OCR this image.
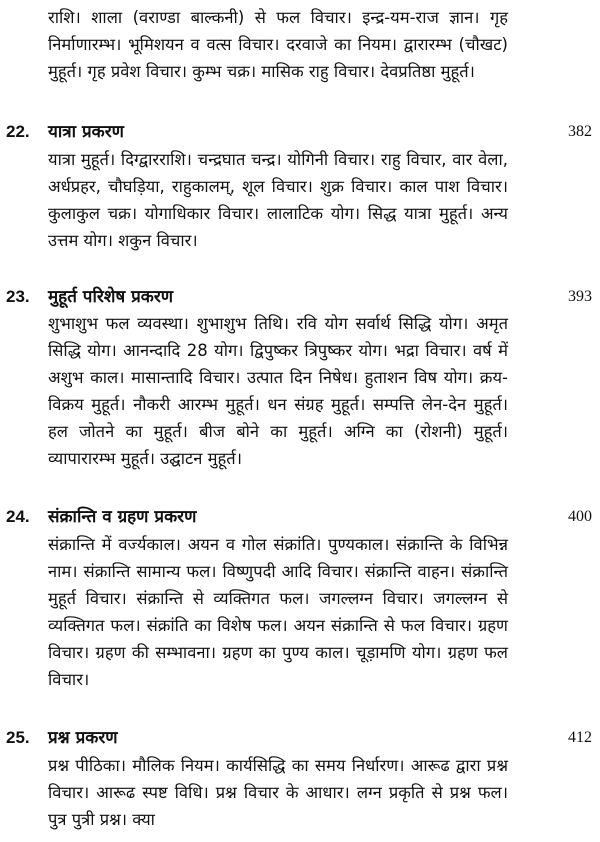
राशि। शाला (वराण्डा बाल्कनी) से फल विचार। इन्द्र-यम-राज ज्ञान। गृह निर्माणारम्भ। भूमिशयन व वत्स विचार। दरवाजे का नियम। द्वारारम्भ (चौखट) मुहूर्त। गृह प्रवेश विचार। कुम्भ चक्र। मासिक राहु विचार। देवप्रतिष्ठा मुहूर्त।

22. यात्रा प्रकरण	382

यात्रा मुहूर्त। दिग्द्वारराशि। चन्द्रघात चन्द्र। योगिनी विचार। राहु विचार, वार वेला, अर्धप्रहर, चौघड़िया, राहुकालम्, शूल विचार। शुक्र विचार। काल पाश विचार। कुलाकुल चक्र। योगाधिकार विचार। लालाटिक योग। सिद्ध यात्रा मुहूर्त। अन्य उत्तम योग। शकुन विचार।

23. मुहूर्त परिशेष प्रकरण	393

शुभाशुभ फल व्यवस्था। शुभाशुभ तिथि। रवि योग सर्वार्थ सिद्धि योग। अमृत सिद्धि योग। आनन्दादि 28 योग। द्विपुष्कर त्रिपुष्कर योग। भद्रा विचार। वर्ष में अशुभ काल। मासान्तादि विचार। उत्पात दिन निषेध। हुताशन विष योग। क्रय-विक्रय मुहूर्त। नौकरी आरम्भ मुहूर्त। धन संग्रह मुहूर्त। सम्पत्ति लेन-देन मुहूर्त। हल जोतने का मुहूर्त। बीज बोने का मुहूर्त। अग्नि का (रोशनी) मुहूर्त। व्यापारारम्भ मुहूर्त। उद्घाटन मुहूर्त।

24. संक्रान्ति व ग्रहण प्रकरण	400

संक्रान्ति में वर्ज्यकाल। अयन व गोल संक्रांति। पुण्यकाल। संक्रान्ति के विभिन्न नाम। संक्रान्ति सामान्य फल। विष्णुपदी आदि विचार। संक्रान्ति वाहन। संक्रान्ति मुहूर्त विचार। संक्रान्ति से व्यक्तिगत फल। जगल्लग्न विचार। जगल्लग्न से व्यक्तिगत फल। संक्रांति का विशेष फल। अयन संक्रान्ति से फल विचार। ग्रहण विचार। ग्रहण की सम्भावना। ग्रहण का पुण्य काल। चूड़ामणि योग। ग्रहण फल विचार।

25. प्रश्न प्रकरण	412

प्रश्न पीठिका। मौलिक नियम। कार्यसिद्धि का समय निर्धारण। आरूढ द्वारा प्रश्न विचार। आरूढ स्पष्ट विधि। प्रश्न विचार के आधार। लग्न प्रकृति से प्रश्न फल। पुत्र पुत्री प्रश्न। क्या
